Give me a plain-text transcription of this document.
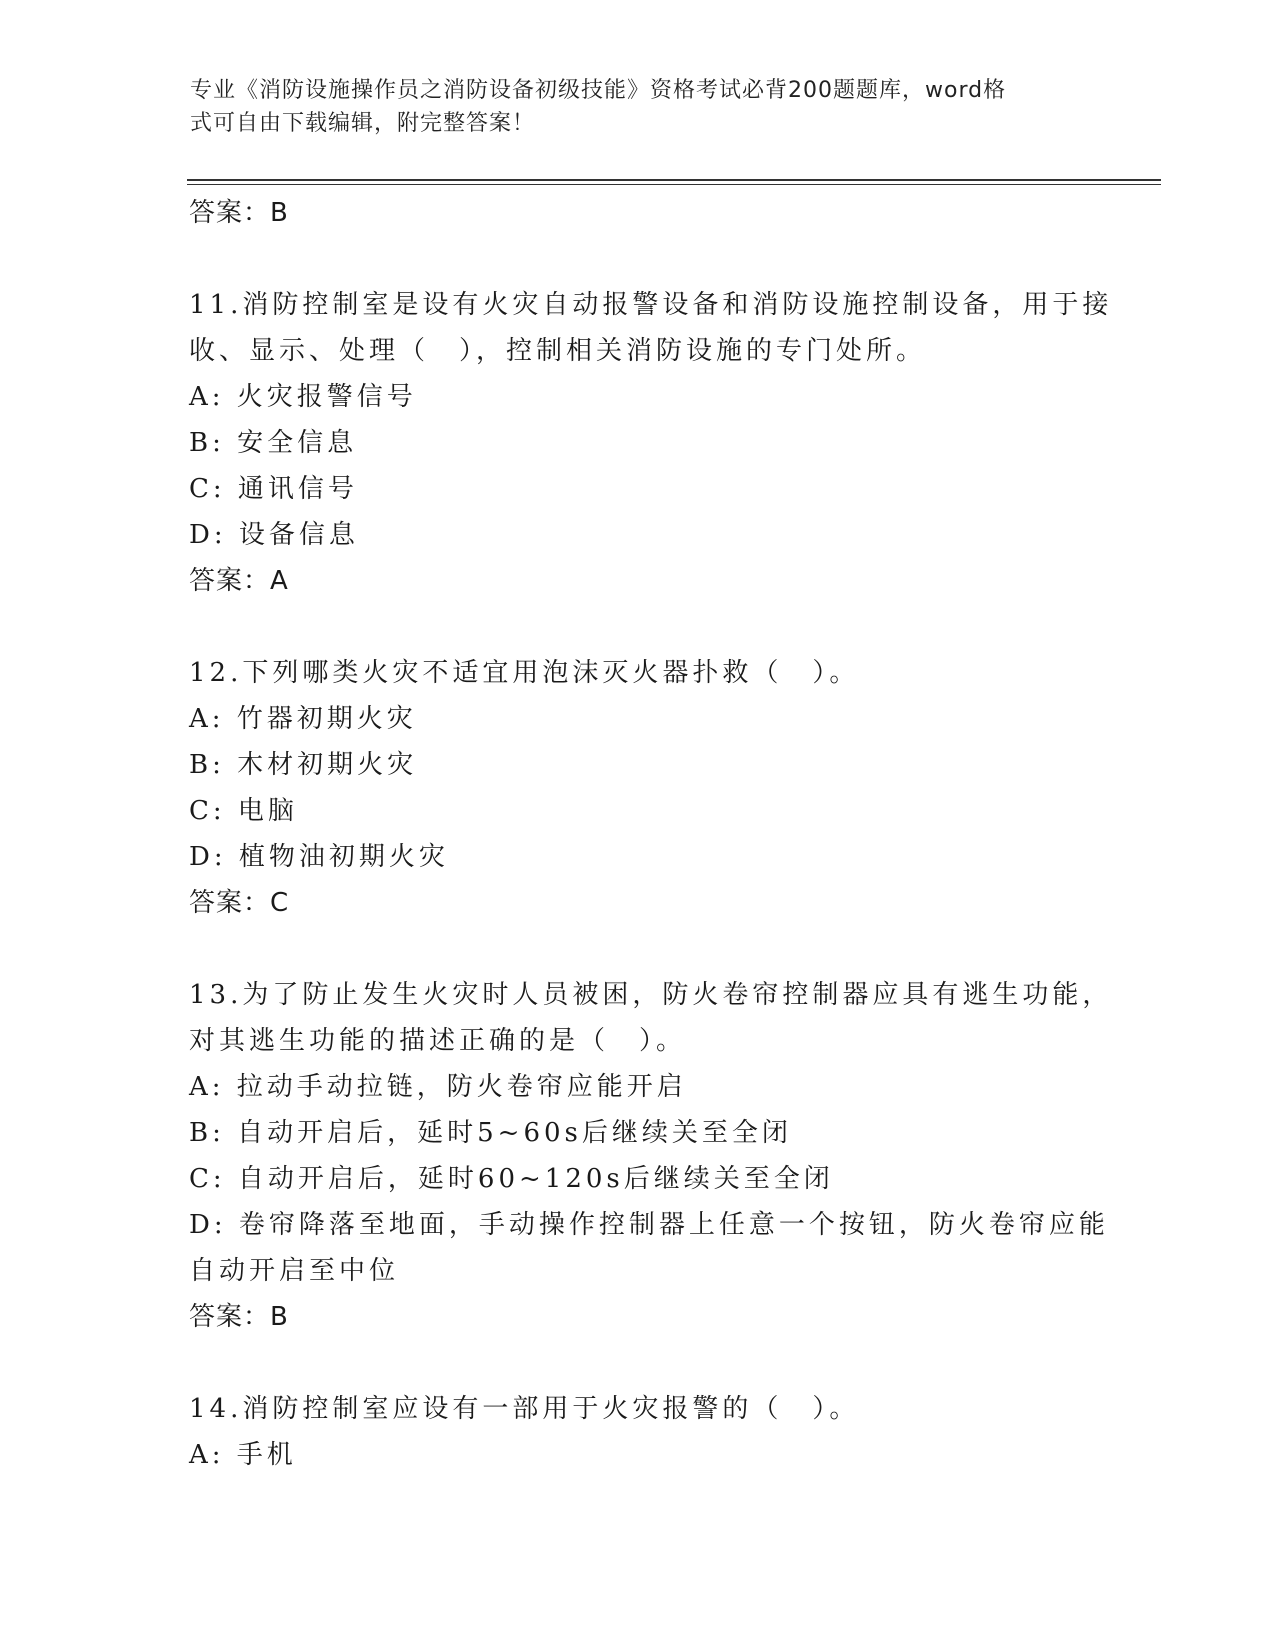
专业《消防设施操作员之消防设备初级技能》资格考试必背200题题库，word格
式可自由下载编辑，附完整答案！
答案：B
11.消防控制室是设有火灾自动报警设备和消防设施控制设备，用于接
收、显示、处理（　），控制相关消防设施的专门处所。
A: 火灾报警信号
B: 安全信息
C: 通讯信号
D: 设备信息
答案：A
12.下列哪类火灾不适宜用泡沫灭火器扑救（　）。
A: 竹器初期火灾
B: 木材初期火灾
C: 电脑
D: 植物油初期火灾
答案：C
13.为了防止发生火灾时人员被困，防火卷帘控制器应具有逃生功能，
对其逃生功能的描述正确的是（　）。
A: 拉动手动拉链，防火卷帘应能开启
B: 自动开启后，延时5~60s后继续关至全闭
C: 自动开启后，延时60~120s后继续关至全闭
D: 卷帘降落至地面，手动操作控制器上任意一个按钮，防火卷帘应能
自动开启至中位
答案：B
14.消防控制室应设有一部用于火灾报警的（　）。
A: 手机
